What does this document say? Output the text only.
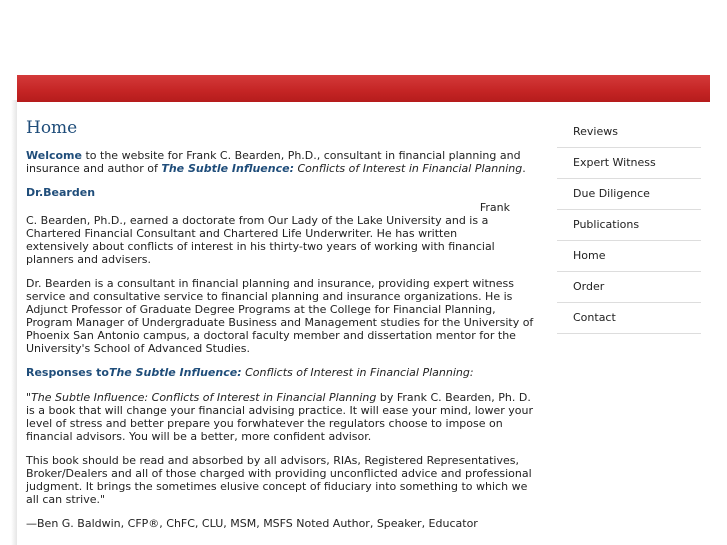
Home
Welcome to the website for Frank C. Bearden, Ph.D., consultant in financial planning and insurance and author of The Subtle Influence: Conflicts of Interest in Financial Planning.
Dr.Bearden
Frank
C. Bearden, Ph.D., earned a doctorate from Our Lady of the Lake University and is a Chartered Financial Consultant and Chartered Life Underwriter. He has written extensively about conflicts of interest in his thirty-two years of working with financial planners and advisers.
Dr. Bearden is a consultant in financial planning and insurance, providing expert witness service and consultative service to financial planning and insurance organizations. He is Adjunct Professor of Graduate Degree Programs at the College for Financial Planning, Program Manager of Undergraduate Business and Management studies for the University of Phoenix San Antonio campus, a doctoral faculty member and dissertation mentor for the University's School of Advanced Studies.
Responses toThe Subtle Influence: Conflicts of Interest in Financial Planning:
"The Subtle Influence: Conflicts of Interest in Financial Planning by Frank C. Bearden, Ph. D. is a book that will change your financial advising practice. It will ease your mind, lower your level of stress and better prepare you forwhatever the regulators choose to impose on financial advisors. You will be a better, more confident advisor.
This book should be read and absorbed by all advisors, RIAs, Registered Representatives, Broker/Dealers and all of those charged with providing unconflicted advice and professional judgment. It brings the sometimes elusive concept of fiduciary into something to which we all can strive."
—Ben G. Baldwin, CFP®, ChFC, CLU, MSM, MSFS Noted Author, Speaker, Educator
Reviews
Expert Witness
Due Diligence
Publications
Home
Order
Contact
